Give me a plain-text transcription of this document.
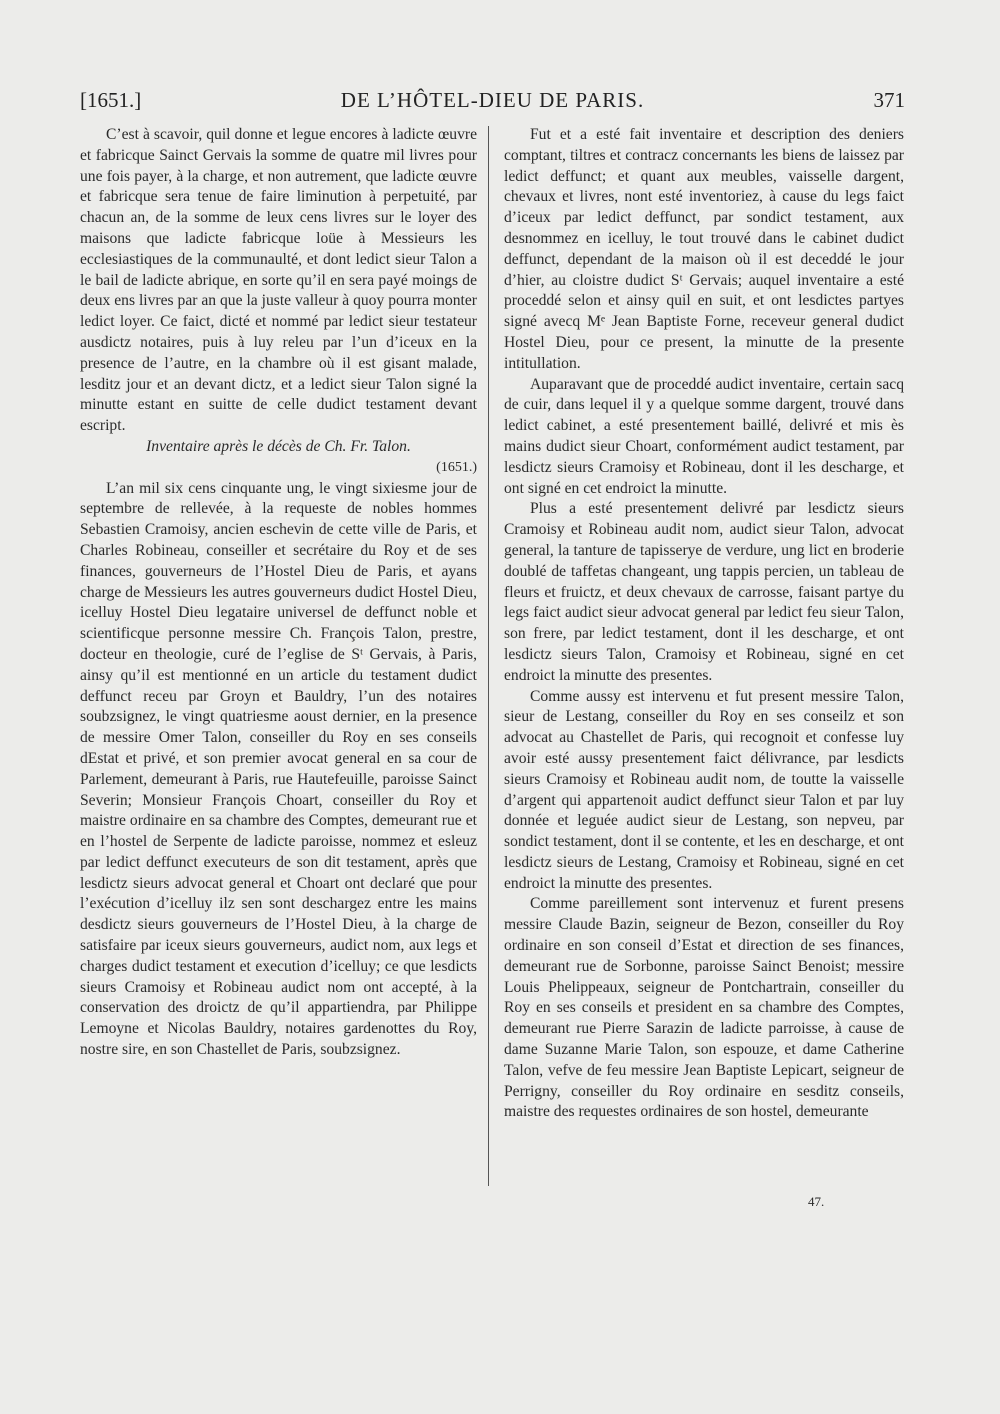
[1651.]	DE L’HÔTEL-DIEU DE PARIS.	371

C’est à scavoir, quil donne et legue encores à ladicte œuvre et fabricque Sainct Gervais la somme de quatre mil livres pour une fois payer, à la charge, et non autrement, que ladicte œuvre et fabricque sera tenue de faire liminution à perpetuité, par chacun an, de la somme de leux cens livres sur le loyer des maisons que ladicte fabricque loüe à Messieurs les ecclesiastiques de la communaulté, et dont ledict sieur Talon a le bail de ladicte abrique, en sorte qu’il en sera payé moings de deux ens livres par an que la juste valleur à quoy pourra monter ledict loyer. Ce faict, dicté et nommé par ledict sieur testateur ausdictz notaires, puis à luy releu par l’un d’iceux en la presence de l’autre, en la chambre où il est gisant malade, lesditz jour et an devant dictz, et a ledict sieur Talon signé la minutte estant en suitte de celle dudict testament devant escript.

Inventaire après le décès de Ch. Fr. Talon.

(1651.)

L’an mil six cens cinquante ung, le vingt sixiesme jour de septembre de rellevée, à la requeste de nobles hommes Sebastien Cramoisy, ancien eschevin de cette ville de Paris, et Charles Robineau, conseiller et secrétaire du Roy et de ses finances, gouverneurs de l’Hostel Dieu de Paris, et ayans charge de Messieurs les autres gouverneurs dudict Hostel Dieu, icelluy Hostel Dieu legataire universel de deffunct noble et scientificque personne messire Ch. François Talon, prestre, docteur en theologie, curé de l’eglise de Sᵗ Gervais, à Paris, ainsy qu’il est mentionné en un article du testament dudict deffunct receu par Groyn et Bauldry, l’un des notaires soubzsignez, le vingt quatriesme aoust dernier, en la presence de messire Omer Talon, conseiller du Roy en ses conseils dEstat et privé, et son premier avocat general en sa cour de Parlement, demeurant à Paris, rue Hautefeuille, paroisse Sainct Severin; Monsieur François Choart, conseiller du Roy et maistre ordinaire en sa chambre des Comptes, demeurant rue et en l’hostel de Serpente de ladicte paroisse, nommez et esleuz par ledict deffunct executeurs de son dit testament, après que lesdictz sieurs advocat general et Choart ont declaré que pour l’exécution d’icelluy ilz sen sont deschargez entre les mains desdictz sieurs gouverneurs de l’Hostel Dieu, à la charge de satisfaire par iceux sieurs gouverneurs, audict nom, aux legs et charges dudict testament et execution d’icelluy; ce que lesdicts sieurs Cramoisy et Robineau audict nom ont accepté, à la conservation des droictz de qu’il appartiendra, par Philippe Lemoyne et Nicolas Bauldry, notaires gardenottes du Roy, nostre sire, en son Chastellet de Paris, soubzsignez.

Fut et a esté fait inventaire et description des deniers comptant, tiltres et contracz concernants les biens de laissez par ledict deffunct; et quant aux meubles, vaisselle dargent, chevaux et livres, nont esté inventoriez, à cause du legs faict d’iceux par ledict deffunct, par sondict testament, aux desnommez en icelluy, le tout trouvé dans le cabinet dudict deffunct, dependant de la maison où il est deceddé le jour d’hier, au cloistre dudict Sᵗ Gervais; auquel inventaire a esté proceddé selon et ainsy quil en suit, et ont lesdictes partyes signé avecq Mᵉ Jean Baptiste Forne, receveur general dudict Hostel Dieu, pour ce present, la minutte de la presente intitullation.

Auparavant que de proceddé audict inventaire, certain sacq de cuir, dans lequel il y a quelque somme dargent, trouvé dans ledict cabinet, a esté presentement baillé, delivré et mis ès mains dudict sieur Choart, conformément audict testament, par lesdictz sieurs Cramoisy et Robineau, dont il les descharge, et ont signé en cet endroict la minutte.

Plus a esté presentement delivré par lesdictz sieurs Cramoisy et Robineau audit nom, audict sieur Talon, advocat general, la tanture de tapisserye de verdure, ung lict en broderie doublé de taffetas changeant, ung tappis percien, un tableau de fleurs et fruictz, et deux chevaux de carrosse, faisant partye du legs faict audict sieur advocat general par ledict feu sieur Talon, son frere, par ledict testament, dont il les descharge, et ont lesdictz sieurs Talon, Cramoisy et Robineau, signé en cet endroict la minutte des presentes.

Comme aussy est intervenu et fut present messire Talon, sieur de Lestang, conseiller du Roy en ses conseilz et son advocat au Chastellet de Paris, qui recognoit et confesse luy avoir esté aussy presentement faict délivrance, par lesdicts sieurs Cramoisy et Robineau audit nom, de toutte la vaisselle d’argent qui appartenoit audict deffunct sieur Talon et par luy donnée et leguée audict sieur de Lestang, son nepveu, par sondict testament, dont il se contente, et les en descharge, et ont lesdictz sieurs de Lestang, Cramoisy et Robineau, signé en cet endroict la minutte des presentes.

Comme pareillement sont intervenuz et furent presens messire Claude Bazin, seigneur de Bezon, conseiller du Roy ordinaire en son conseil d’Estat et direction de ses finances, demeurant rue de Sorbonne, paroisse Sainct Benoist; messire Louis Phelippeaux, seigneur de Pontchartrain, conseiller du Roy en ses conseils et president en sa chambre des Comptes, demeurant rue Pierre Sarazin de ladicte parroisse, à cause de dame Suzanne Marie Talon, son espouze, et dame Catherine Talon, vefve de feu messire Jean Baptiste Lepicart, seigneur de Perrigny, conseiller du Roy ordinaire en sesditz conseils, maistre des requestes ordinaires de son hostel, demeurante

47.
